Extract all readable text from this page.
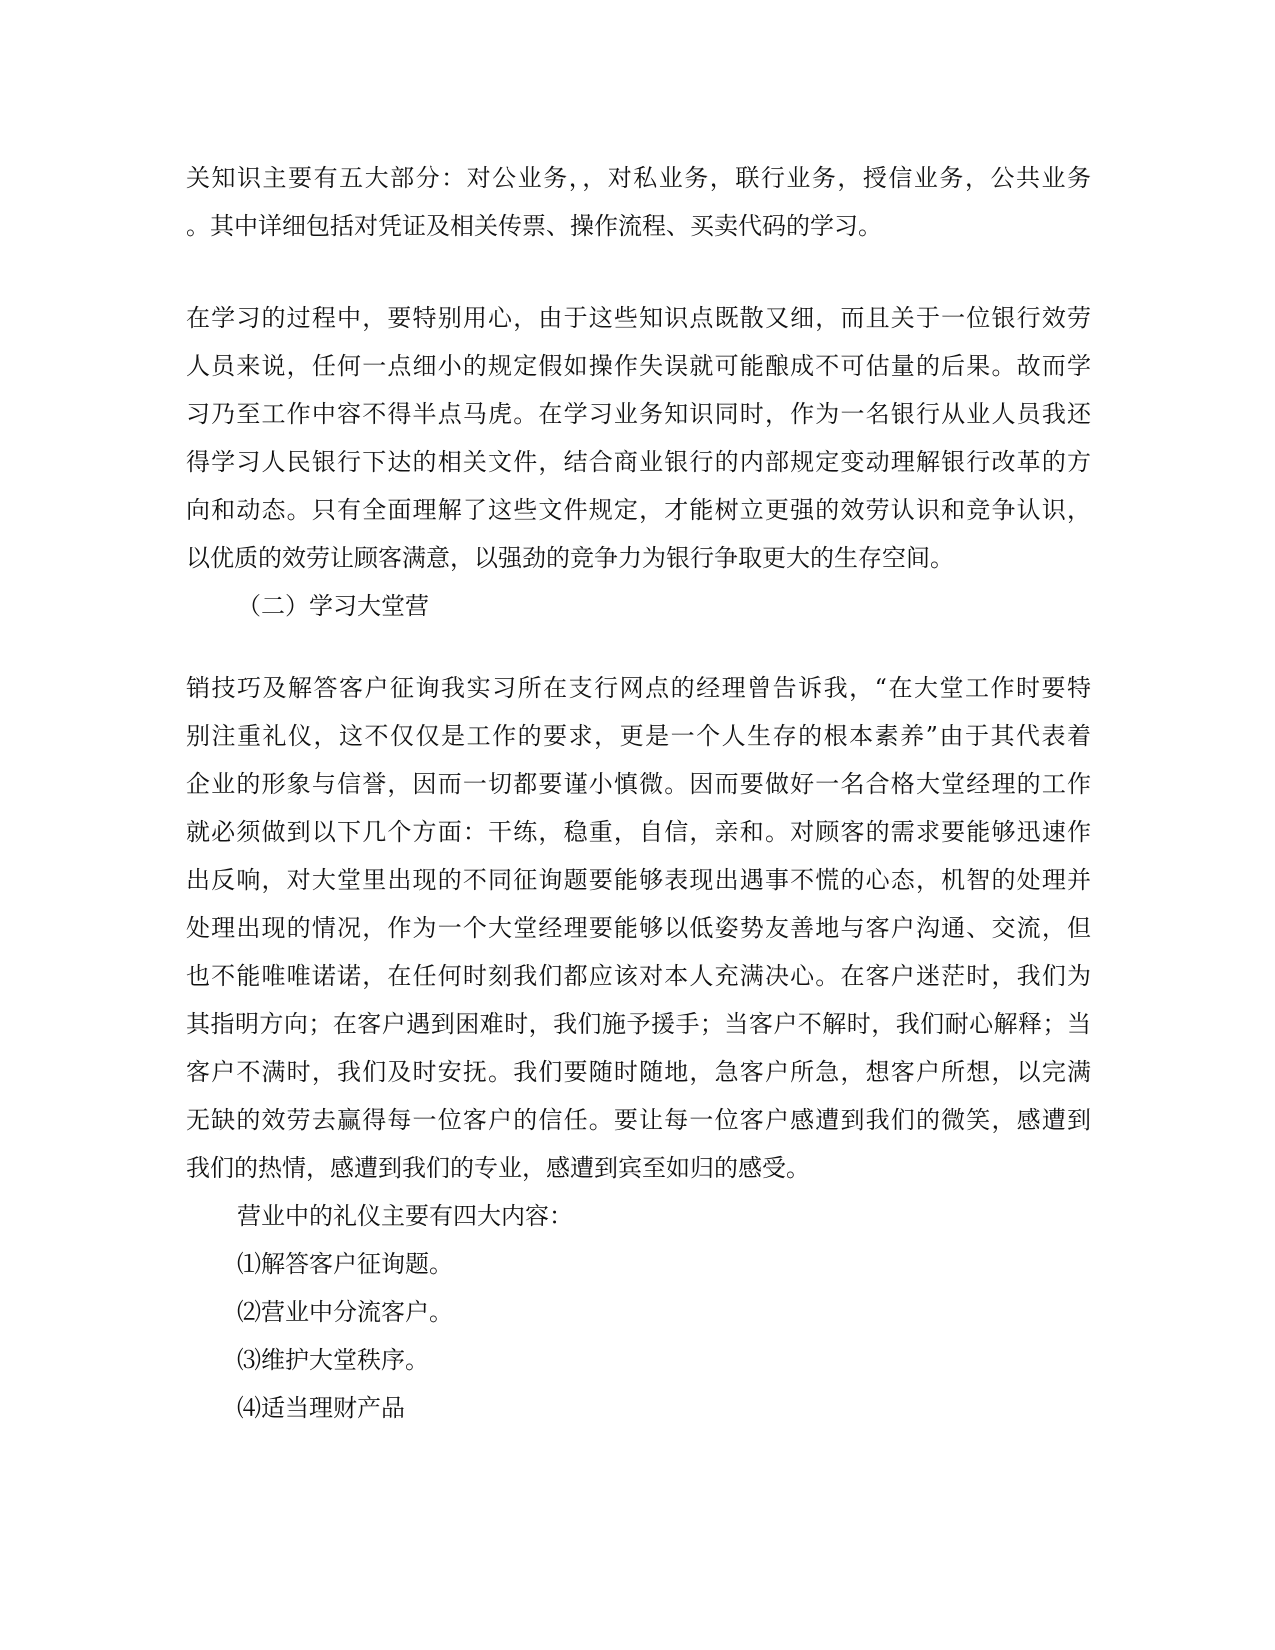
关知识主要有五大部分：对公业务，，对私业务，联行业务，授信业务，公共业务
。其中详细包括对凭证及相关传票、操作流程、买卖代码的学习。
在学习的过程中，要特别用心，由于这些知识点既散又细，而且关于一位银行效劳
人员来说，任何一点细小的规定假如操作失误就可能酿成不可估量的后果。故而学
习乃至工作中容不得半点马虎。在学习业务知识同时，作为一名银行从业人员我还
得学习人民银行下达的相关文件，结合商业银行的内部规定变动理解银行改革的方
向和动态。只有全面理解了这些文件规定，才能树立更强的效劳认识和竞争认识，
以优质的效劳让顾客满意，以强劲的竞争力为银行争取更大的生存空间。
（二）学习大堂营
销技巧及解答客户征询我实习所在支行网点的经理曾告诉我，“在大堂工作时要特
别注重礼仪，这不仅仅是工作的要求，更是一个人生存的根本素养”由于其代表着
企业的形象与信誉，因而一切都要谨小慎微。因而要做好一名合格大堂经理的工作
就必须做到以下几个方面：干练，稳重，自信，亲和。对顾客的需求要能够迅速作
出反响，对大堂里出现的不同征询题要能够表现出遇事不慌的心态，机智的处理并
处理出现的情况，作为一个大堂经理要能够以低姿势友善地与客户沟通、交流，但
也不能唯唯诺诺，在任何时刻我们都应该对本人充满决心。在客户迷茫时，我们为
其指明方向；在客户遇到困难时，我们施予援手；当客户不解时，我们耐心解释；当
客户不满时，我们及时安抚。我们要随时随地，急客户所急，想客户所想，以完满
无缺的效劳去赢得每一位客户的信任。要让每一位客户感遭到我们的微笑，感遭到
我们的热情，感遭到我们的专业，感遭到宾至如归的感受。
营业中的礼仪主要有四大内容：
⑴解答客户征询题。
⑵营业中分流客户。
⑶维护大堂秩序。
⑷适当理财产品
